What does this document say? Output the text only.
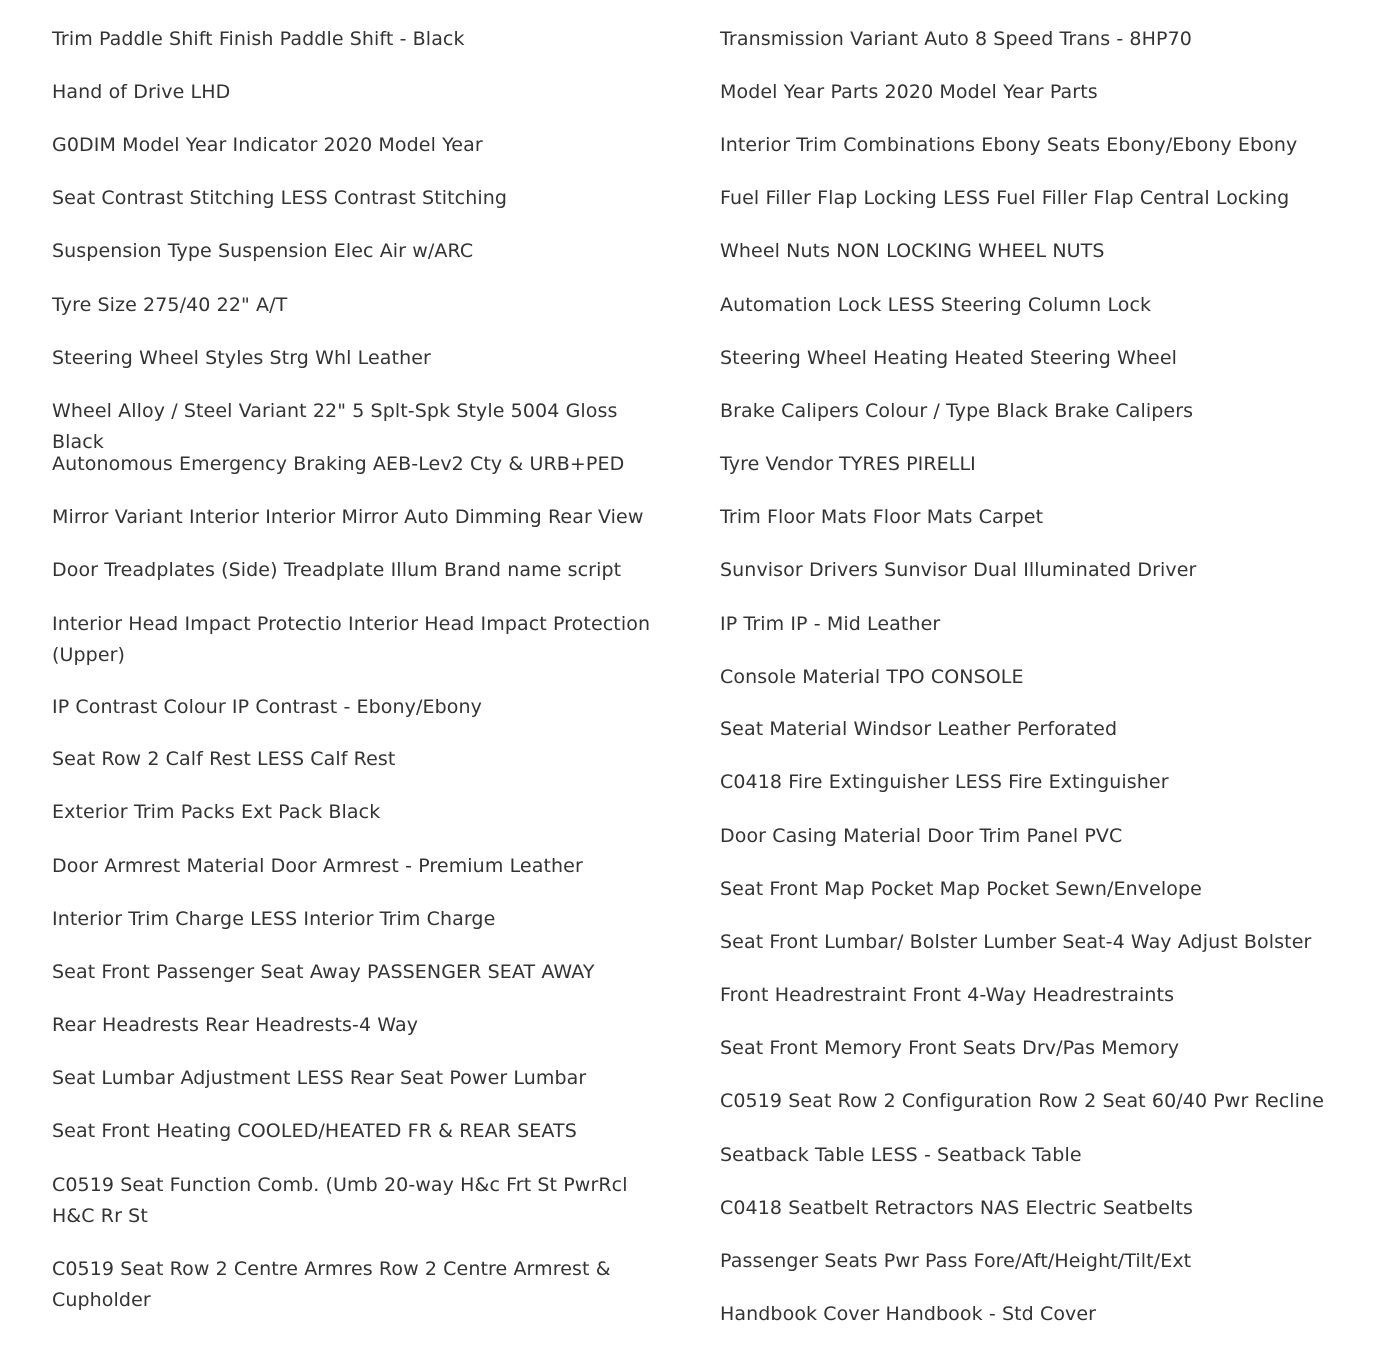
Trim Paddle Shift Finish Paddle Shift - Black
Hand of Drive LHD
G0DIM Model Year Indicator 2020 Model Year
Seat Contrast Stitching LESS Contrast Stitching
Suspension Type Suspension Elec Air w/ARC
Tyre Size 275/40 22" A/T
Steering Wheel Styles Strg Whl Leather
Wheel Alloy / Steel Variant 22" 5 Splt-Spk Style 5004 Gloss Black
Autonomous Emergency Braking AEB-Lev2 Cty & URB+PED
Mirror Variant Interior Interior Mirror Auto Dimming Rear View
Door Treadplates (Side) Treadplate Illum Brand name script
Interior Head Impact Protectio Interior Head Impact Protection (Upper)
IP Contrast Colour IP Contrast - Ebony/Ebony
Seat Row 2 Calf Rest LESS Calf Rest
Exterior Trim Packs Ext Pack Black
Door Armrest Material Door Armrest - Premium Leather
Interior Trim Charge LESS Interior Trim Charge
Seat Front Passenger Seat Away PASSENGER SEAT AWAY
Rear Headrests Rear Headrests-4 Way
Seat Lumbar Adjustment LESS Rear Seat Power Lumbar
Seat Front Heating COOLED/HEATED FR & REAR SEATS
C0519 Seat Function Comb. (Umb 20-way H&c Frt St PwrRcl H&C Rr St
C0519 Seat Row 2 Centre Armres Row 2 Centre Armrest & Cupholder
Transmission Variant Auto 8 Speed Trans - 8HP70
Model Year Parts 2020 Model Year Parts
Interior Trim Combinations Ebony Seats Ebony/Ebony Ebony
Fuel Filler Flap Locking LESS Fuel Filler Flap Central Locking
Wheel Nuts NON LOCKING WHEEL NUTS
Automation Lock LESS Steering Column Lock
Steering Wheel Heating Heated Steering Wheel
Brake Calipers Colour / Type Black Brake Calipers
Tyre Vendor TYRES PIRELLI
Trim Floor Mats Floor Mats Carpet
Sunvisor Drivers Sunvisor Dual Illuminated Driver
IP Trim IP - Mid Leather
Console Material TPO CONSOLE
Seat Material Windsor Leather Perforated
C0418 Fire Extinguisher LESS Fire Extinguisher
Door Casing Material Door Trim Panel PVC
Seat Front Map Pocket Map Pocket Sewn/Envelope
Seat Front Lumbar/ Bolster Lumber Seat-4 Way Adjust Bolster
Front Headrestraint Front 4-Way Headrestraints
Seat Front Memory Front Seats Drv/Pas Memory
C0519 Seat Row 2 Configuration Row 2 Seat 60/40 Pwr Recline
Seatback Table LESS - Seatback Table
C0418 Seatbelt Retractors NAS Electric Seatbelts
Passenger Seats Pwr Pass Fore/Aft/Height/Tilt/Ext
Handbook Cover Handbook - Std Cover
